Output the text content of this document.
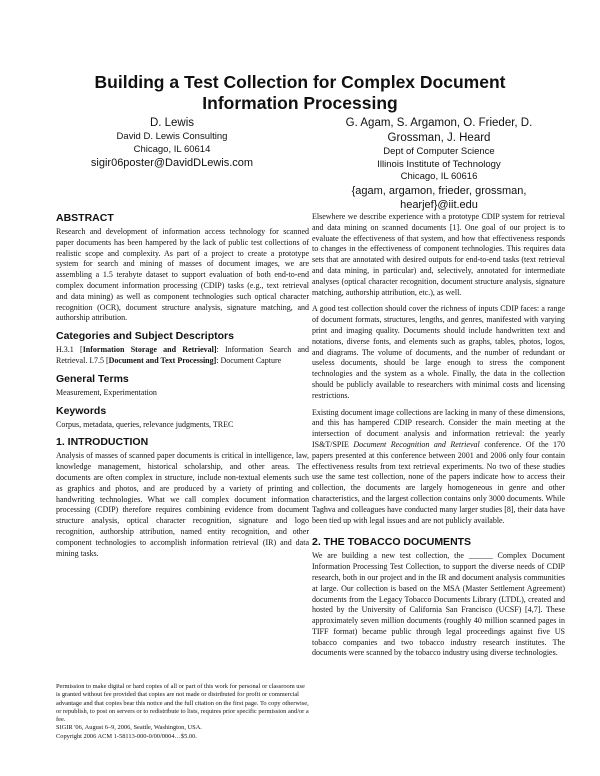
Building a Test Collection for Complex Document
Information Processing
D. Lewis
David D. Lewis Consulting
Chicago, IL 60614
sigir06poster@DavidDLewis.com
G. Agam, S. Argamon, O. Frieder, D.
Grossman, J. Heard
Dept of Computer Science
Illinois Institute of Technology
Chicago, IL 60616
{agam, argamon, frieder, grossman,
hearjef}@iit.edu
ABSTRACT

Research and development of information access technology for scanned paper documents has been hampered by the lack of public test collections of realistic scope and complexity. As part of a project to create a prototype system for search and mining of masses of document images, we are assembling a 1.5 terabyte dataset to support evaluation of both end-to-end complex document information processing (CDIP) tasks (e.g., text retrieval and data mining) as well as component technologies such optical character recognition (OCR), document structure analysis, signature matching, and authorship attribution.

Categories and Subject Descriptors

H.3.1 [Information Storage and Retrieval]: Information Search and Retrieval. I.7.5 [Document and Text Processing]: Document Capture

General Terms

Measurement, Experimentation

Keywords

Corpus, metadata, queries, relevance judgments, TREC

1. INTRODUCTION

Analysis of masses of scanned paper documents is critical in intelligence, law, knowledge management, historical scholarship, and other areas. The documents are often complex in structure, include non-textual elements such as graphics and photos, and are produced by a variety of printing and handwriting technologies. What we call complex document information processing (CDIP) therefore requires combining evidence from document structure analysis, optical character recognition, signature and logo recognition, authorship attribution, named entity recognition, and other component technologies to accomplish information retrieval (IR) and data mining tasks.

Permission to make digital or hard copies of all or part of this work for personal or classroom use is granted without fee provided that copies are not made or distributed for profit or commercial advantage and that copies bear this notice and the full citation on the first page. To copy otherwise, or republish, to post on servers or to redistribute to lists, requires prior specific permission and/or a fee.

SIGIR '06, August 6–9, 2006, Seattle, Washington, USA.

Copyright 2006 ACM 1-58113-000-0/00/0004…$5.00.

Elsewhere we describe experience with a prototype CDIP system for retrieval and data mining on scanned documents [1]. One goal of our project is to evaluate the effectiveness of that system, and how that effectiveness responds to changes in the effectiveness of component technologies. This requires data sets that are annotated with desired outputs for end-to-end tasks (text retrieval and data mining, in particular) and, selectively, annotated for intermediate analyses (optical character recognition, document structure analysis, signature matching, authorship attribution, etc.), as well.

A good test collection should cover the richness of inputs CDIP faces: a range of document formats, structures, lengths, and genres, manifested with varying print and imaging quality. Documents should include handwritten text and notations, diverse fonts, and elements such as graphs, tables, photos, logos, and diagrams. The volume of documents, and the number of redundant or useless documents, should be large enough to stress the component technologies and the system as a whole. Finally, the data in the collection should be publicly available to researchers with minimal costs and licensing restrictions.

Existing document image collections are lacking in many of these dimensions, and this has hampered CDIP research. Consider the main meeting at the intersection of document analysis and information retrieval: the yearly IS&T/SPIE Document Recognition and Retrieval conference. Of the 170 papers presented at this conference between 2001 and 2006 only four contain effectiveness results from text retrieval experiments. No two of these studies use the same test collection, none of the papers indicate how to access their collection, the documents are largely homogeneous in genre and other characteristics, and the largest collection contains only 3000 documents. While Taghva and colleagues have conducted many larger studies [8], their data have been tied up with legal issues and are not publicly available.

2. THE TOBACCO DOCUMENTS

We are building a new test collection, the ______ Complex Document Information Processing Test Collection, to support the diverse needs of CDIP research, both in our project and in the IR and document analysis communities at large. Our collection is based on the MSA (Master Settlement Agreement) documents from the Legacy Tobacco Documents Library (LTDL), created and hosted by the University of California San Francisco (UCSF) [4,7]. These approximately seven million documents (roughly 40 million scanned pages in TIFF format) became public through legal proceedings against five US tobacco companies and two tobacco industry research institutes. The documents were scanned by the tobacco industry using diverse technologies.
